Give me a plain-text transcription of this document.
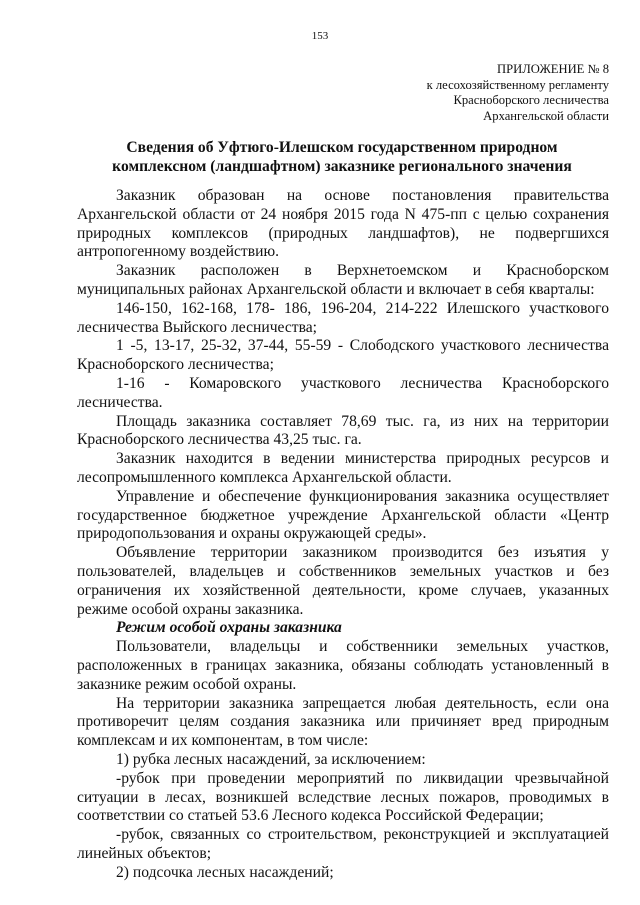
153
ПРИЛОЖЕНИЕ № 8
к лесохозяйственному регламенту
Красноборского лесничества
Архангельской области
Сведения об Уфтюго-Илешском государственном природном
комплексном (ландшафтном) заказнике регионального значения

Заказник образован на основе постановления правительства Архангельской области от 24 ноября 2015 года N 475-пп с целью сохранения природных комплексов (природных ландшафтов), не подвергшихся антропогенному воздействию.

Заказник расположен в Верхнетоемском и Красноборском муниципальных районах Архангельской области и включает в себя кварталы:

146-150, 162-168, 178- 186, 196-204, 214-222 Илешского участкового лесничества Выйского лесничества;

1 -5, 13-17, 25-32, 37-44, 55-59 - Слободского участкового лесничества Красноборского лесничества;

1-16 - Комаровского участкового лесничества Красноборского лесничества.

Площадь заказника составляет 78,69 тыс. га, из них на территории Красноборского лесничества 43,25 тыс. га.

Заказник находится в ведении министерства природных ресурсов и лесопромышленного комплекса Архангельской области.

Управление и обеспечение функционирования заказника осуществляет государственное бюджетное учреждение Архангельской области «Центр природопользования и охраны окружающей среды».

Объявление территории заказником производится без изъятия у пользователей, владельцев и собственников земельных участков и без ограничения их хозяйственной деятельности, кроме случаев, указанных режиме особой охраны заказника.

Режим особой охраны заказника

Пользователи, владельцы и собственники земельных участков, расположенных в границах заказника, обязаны соблюдать установленный в заказнике режим особой охраны.

На территории заказника запрещается любая деятельность, если она противоречит целям создания заказника или причиняет вред природным комплексам и их компонентам, в том числе:

1) рубка лесных насаждений, за исключением:

-рубок при проведении мероприятий по ликвидации чрезвычайной ситуации в лесах, возникшей вследствие лесных пожаров, проводимых в соответствии со статьей 53.6 Лесного кодекса Российской Федерации;

-рубок, связанных со строительством, реконструкцией и эксплуатацией линейных объектов;

2) подсочка лесных насаждений;
